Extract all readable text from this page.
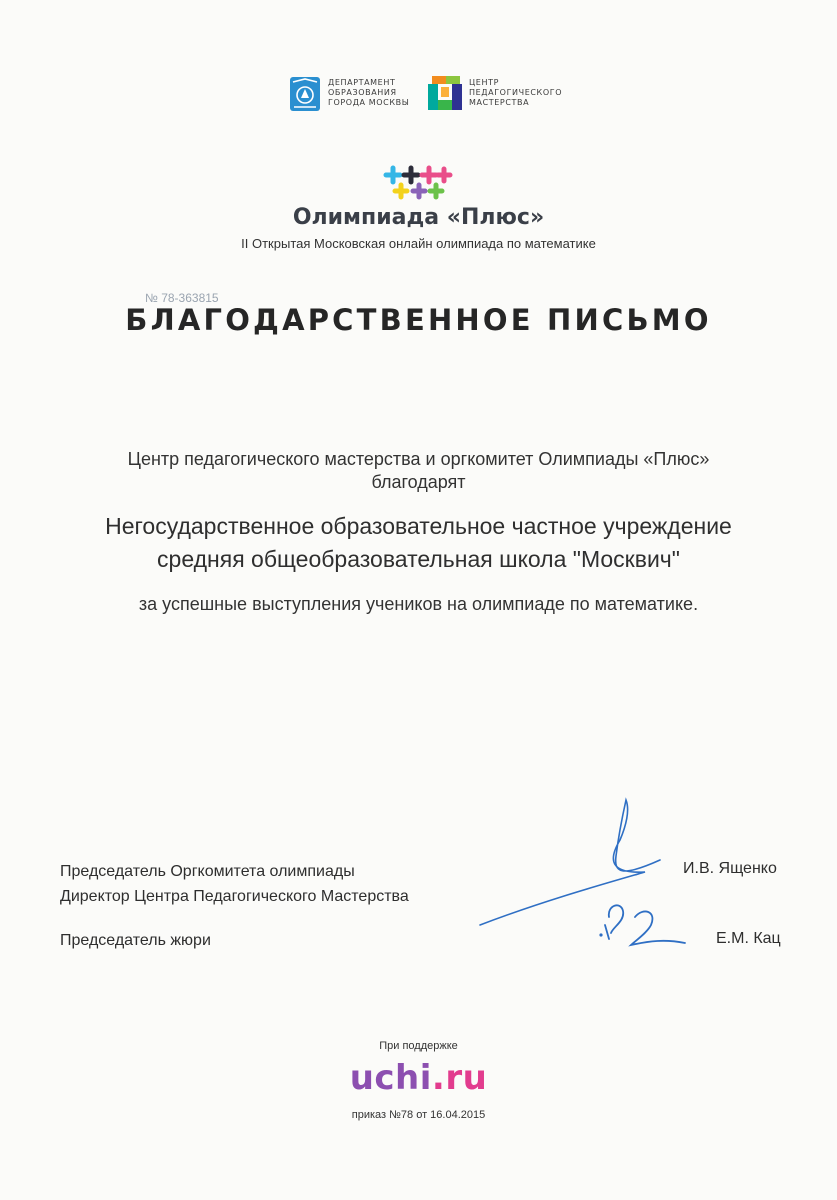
ДЕПАРТАМЕНТ
ОБРАЗОВАНИЯ
ГОРОДА МОСКВЫ
ЦЕНТР
ПЕДАГОГИЧЕСКОГО
МАСТЕРСТВА
Олимпиада «Плюс»
II Открытая Московская онлайн олимпиада по математике
№ 78-363815
БЛАГОДАРСТВЕННОЕ ПИСЬМО
Центр педагогического мастерства и оргкомитет Олимпиады «Плюс»
благодарят
Негосударственное образовательное частное учреждение
средняя общеобразовательная школа "Москвич"
за успешные выступления учеников на олимпиаде по математике.
Председатель Оргкомитета олимпиады
Директор Центра Педагогического Мастерства
Председатель жюри
И.В. Ященко
Е.М. Кац
При поддержке
uchi.ru
приказ №78 от 16.04.2015
